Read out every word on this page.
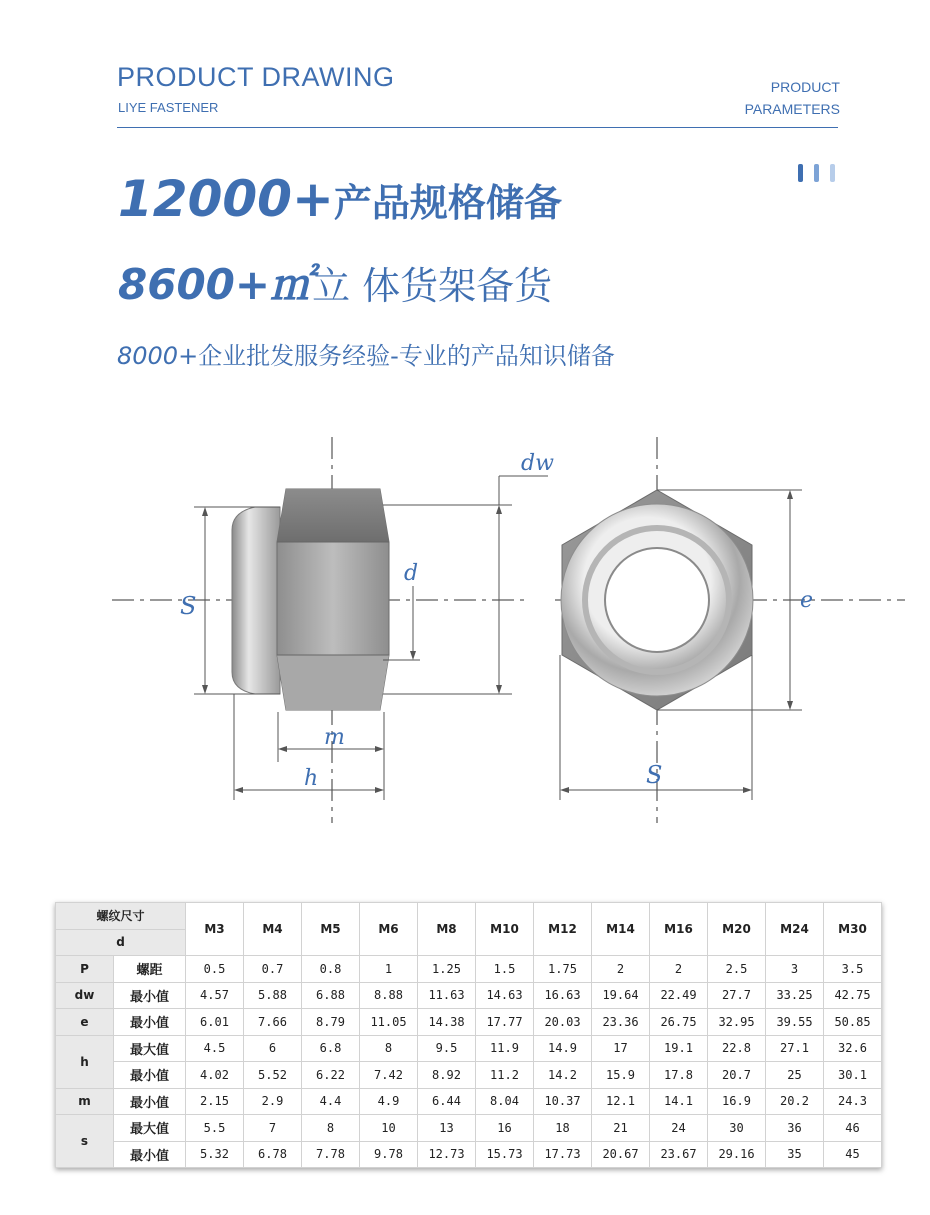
PRODUCT DRAWING
LIYE FASTENER
PRODUCT
PARAMETERS
12000+产品规格储备
8600+㎡立 体货架备货
8000+企业批发服务经验-专业的产品知识储备
dw
S
d
m
h
e
S
螺纹尺寸		M3	M4	M5	M6	M8	M10	M12	M14	M16	M20	M24	M30
d													
P	螺距	0.5	0.7	0.8	1	1.25	1.5	1.75	2	2	2.5	3	3.5
dw	最小值	4.57	5.88	6.88	8.88	11.63	14.63	16.63	19.64	22.49	27.7	33.25	42.75
e	最小值	6.01	7.66	8.79	11.05	14.38	17.77	20.03	23.36	26.75	32.95	39.55	50.85
h	最大值	4.5	6	6.8	8	9.5	11.9	14.9	17	19.1	22.8	27.1	32.6
	最小值	4.02	5.52	6.22	7.42	8.92	11.2	14.2	15.9	17.8	20.7	25	30.1
m	最小值	2.15	2.9	4.4	4.9	6.44	8.04	10.37	12.1	14.1	16.9	20.2	24.3
s	最大值	5.5	7	8	10	13	16	18	21	24	30	36	46
	最小值	5.32	6.78	7.78	9.78	12.73	15.73	17.73	20.67	23.67	29.16	35	45
